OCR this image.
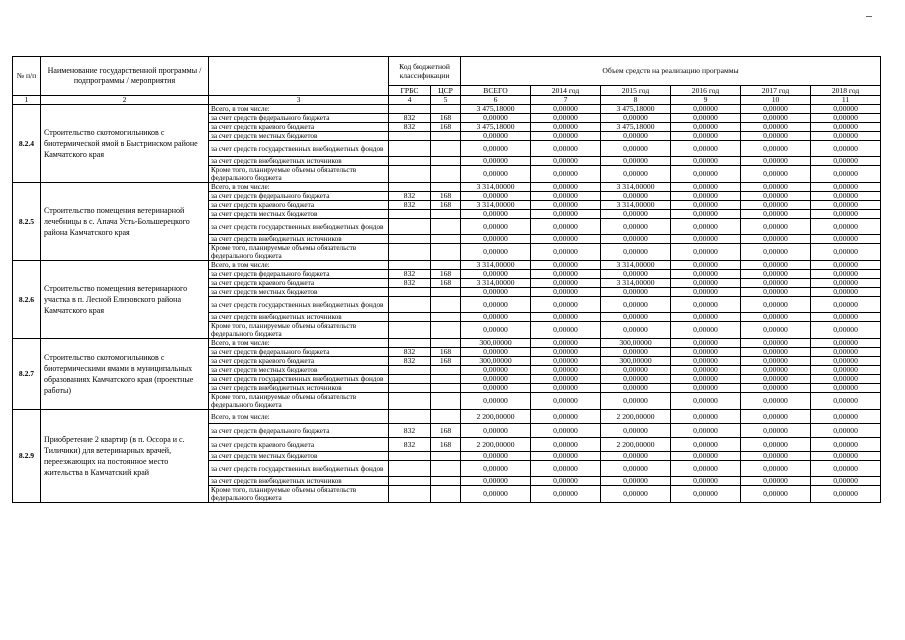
№ п/п	Наименование государственной программы / подпрограммы / мероприятия		Код бюджетной классификации		Объем средств на реализацию программы					
			ГРБС	ЦСР	ВСЕГО	2014 год	2015 год	2016 год	2017 год	2018 год
1	2	3	4	5	6	7	8	9	10	11
8.2.4	Строительство скотомогильников с биотермической ямой в Быстринском районе Камчатского края	Всего, в том числе:			3 475,18000	0,00000	3 475,18000	0,00000	0,00000	0,00000
		за счет средств федерального бюджета	832	168	0,00000	0,00000	0,00000	0,00000	0,00000	0,00000
		за счет средств краевого бюджета	832	168	3 475,18000	0,00000	3 475,18000	0,00000	0,00000	0,00000
		за счет средств местных бюджетов			0,00000	0,00000	0,00000	0,00000	0,00000	0,00000
		за счет средств государственных внебюджетных фондов			0,00000	0,00000	0,00000	0,00000	0,00000	0,00000
		за счет средств внебюджетных источников			0,00000	0,00000	0,00000	0,00000	0,00000	0,00000
		Кроме того, планируемые объемы обязательств федерального бюджета			0,00000	0,00000	0,00000	0,00000	0,00000	0,00000
8.2.5	Строительство помещения ветеринарной лечебницы в с. Апача Усть-Большерецкого района Камчатского края	Всего, в том числе:			3 314,00000	0,00000	3 314,00000	0,00000	0,00000	0,00000
		за счет средств федерального бюджета	832	168	0,00000	0,00000	0,00000	0,00000	0,00000	0,00000
		за счет средств краевого бюджета	832	168	3 314,00000	0,00000	3 314,00000	0,00000	0,00000	0,00000
		за счет средств местных бюджетов			0,00000	0,00000	0,00000	0,00000	0,00000	0,00000
		за счет средств государственных внебюджетных фондов			0,00000	0,00000	0,00000	0,00000	0,00000	0,00000
		за счет средств внебюджетных источников			0,00000	0,00000	0,00000	0,00000	0,00000	0,00000
		Кроме того, планируемые объемы обязательств федерального бюджета			0,00000	0,00000	0,00000	0,00000	0,00000	0,00000
8.2.6	Строительство помещения ветеринарного участка в п. Лесной Елизовского района Камчатского края	Всего, в том числе:			3 314,00000	0,00000	3 314,00000	0,00000	0,00000	0,00000
		за счет средств федерального бюджета	832	168	0,00000	0,00000	0,00000	0,00000	0,00000	0,00000
		за счет средств краевого бюджета	832	168	3 314,00000	0,00000	3 314,00000	0,00000	0,00000	0,00000
		за счет средств местных бюджетов			0,00000	0,00000	0,00000	0,00000	0,00000	0,00000
		за счет средств государственных внебюджетных фондов			0,00000	0,00000	0,00000	0,00000	0,00000	0,00000
		за счет средств внебюджетных источников			0,00000	0,00000	0,00000	0,00000	0,00000	0,00000
		Кроме того, планируемые объемы обязательств федерального бюджета			0,00000	0,00000	0,00000	0,00000	0,00000	0,00000
8.2.7	Строительство скотомогильников с биотермическими ямами в муниципальных образованиях Камчатского края (проектные работы)	Всего, в том числе:			300,00000	0,00000	300,00000	0,00000	0,00000	0,00000
		за счет средств федерального бюджета	832	168	0,00000	0,00000	0,00000	0,00000	0,00000	0,00000
		за счет средств краевого бюджета	832	168	300,00000	0,00000	300,00000	0,00000	0,00000	0,00000
		за счет средств местных бюджетов			0,00000	0,00000	0,00000	0,00000	0,00000	0,00000
		за счет средств государственных внебюджетных фондов			0,00000	0,00000	0,00000	0,00000	0,00000	0,00000
		за счет средств внебюджетных источников			0,00000	0,00000	0,00000	0,00000	0,00000	0,00000
		Кроме того, планируемые объемы обязательств федерального бюджета			0,00000	0,00000	0,00000	0,00000	0,00000	0,00000
8.2.9	Приобретение 2 квартир (в п. Оссора и с. Тиличики) для ветеринарных врачей, переезжающих на постоянное место жительства в Камчатский край	Всего, в том числе:			2 200,00000	0,00000	2 200,00000	0,00000	0,00000	0,00000
		за счет средств федерального бюджета	832	168	0,00000	0,00000	0,00000	0,00000	0,00000	0,00000
		за счет средств краевого бюджета	832	168	2 200,00000	0,00000	2 200,00000	0,00000	0,00000	0,00000
		за счет средств местных бюджетов			0,00000	0,00000	0,00000	0,00000	0,00000	0,00000
		за счет средств государственных внебюджетных фондов			0,00000	0,00000	0,00000	0,00000	0,00000	0,00000
		за счет средств внебюджетных источников			0,00000	0,00000	0,00000	0,00000	0,00000	0,00000
		Кроме того, планируемые объемы обязательств федерального бюджета			0,00000	0,00000	0,00000	0,00000	0,00000	0,00000
